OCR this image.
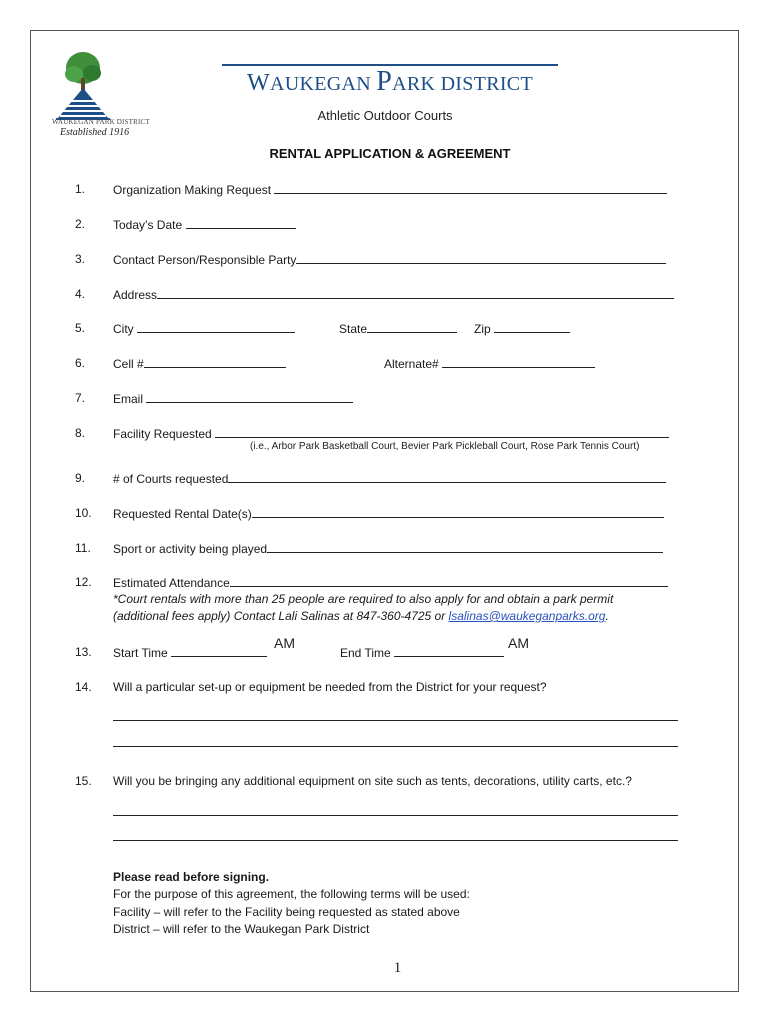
WAUKEGAN PARK DISTRICT
Established 1916
WAUKEGAN PARK DISTRICT
Athletic Outdoor Courts
RENTAL APPLICATION & AGREEMENT
1. Organization Making Request
2. Today’s Date
3. Contact Person/Responsible Party
4. Address
5. City	State	Zip
6. Cell #	Alternate#
7. Email
8. Facility Requested
(i.e., Arbor Park Basketball Court, Bevier Park Pickleball Court, Rose Park Tennis Court)
9. # of Courts requested
10. Requested Rental Date(s)
11. Sport or activity being played
12. Estimated Attendance
*Court rentals with more than 25 people are required to also apply for and obtain a park permit
(additional fees apply) Contact Lali Salinas at 847-360-4725 or lsalinas@waukeganparks.org.
13. Start Time
AM
End Time
AM
14. Will a particular set-up or equipment be needed from the District for your request?
15. Will you be bringing any additional equipment on site such as tents, decorations, utility carts, etc.?
Please read before signing.
For the purpose of this agreement, the following terms will be used:
Facility – will refer to the Facility being requested as stated above
District – will refer to the Waukegan Park District
1
